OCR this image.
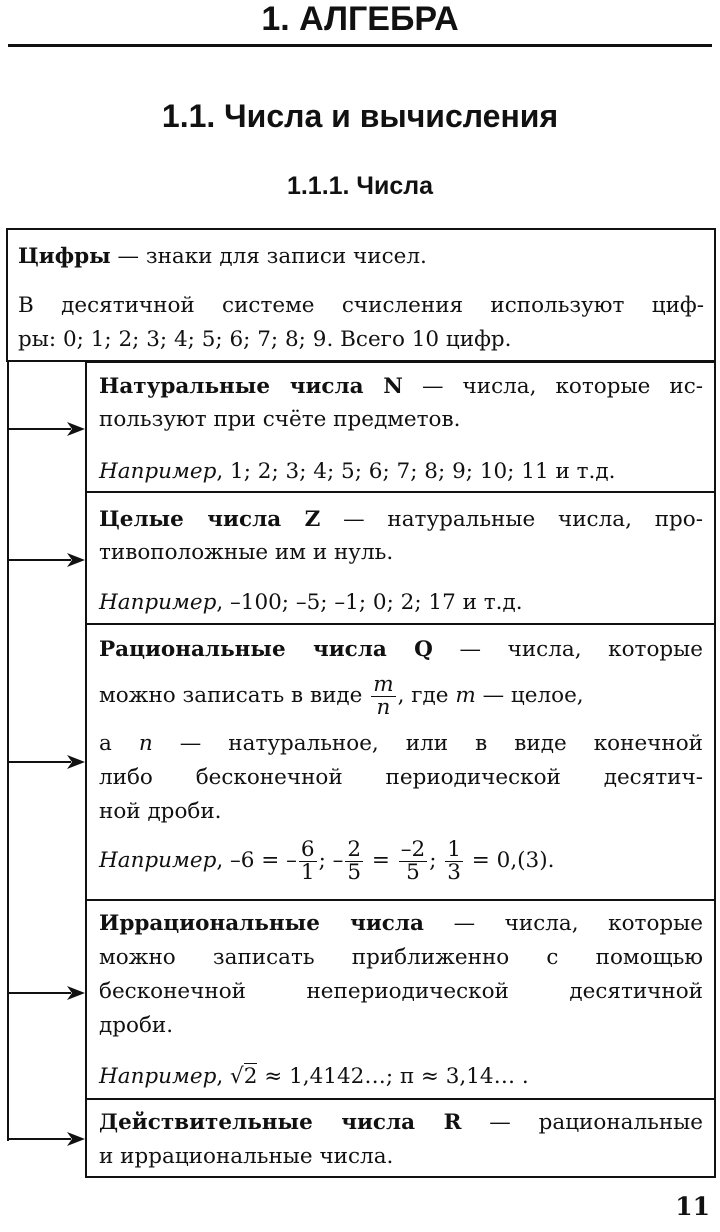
1. АЛГЕБРА
1.1. Числа и вычисления
1.1.1. Числа
Цифры — знаки для записи чисел.
В десятичной системе счисления используют циф-
ры: 0; 1; 2; 3; 4; 5; 6; 7; 8; 9. Всего 10 цифр.
Натуральные числа N — числа, которые ис-
пользуют при счёте предметов.
Например, 1; 2; 3; 4; 5; 6; 7; 8; 9; 10; 11 и т.д.
Целые числа Z — натуральные числа, про-
тивоположные им и нуль.
Например, –100; –5; –1; 0; 2; 17 и т.д.
Рациональные числа Q — числа, которые
можно записать в виде $\frac{m}{n}$ , где m — целое,
а n — натуральное, или в виде конечной
либо бесконечной периодической десятич-
ной дроби.
Например, –6 = – $\frac{6}{1}$ ; – $\frac{2}{5} = \frac{-2}{5}$ ; $\frac{1}{3} = 0,(3)$.
Иррациональные числа — числа, которые
можно записать приближенно с помощью
бесконечной непериодической десятичной
дроби.
Например, √2 ≈ 1,4142…; π ≈ 3,14… .
Действительные числа R — рациональные
и иррациональные числа.
11
